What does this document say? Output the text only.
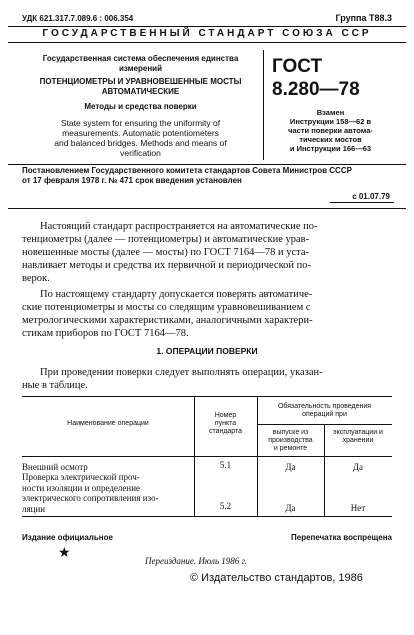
УДК 621.317.7.089.6 : 006.354	Группа Т88.3
ГОСУДАРСТВЕННЫЙ СТАНДАРТ СОЮЗА ССР
Государственная система обеспечения единства
измерений
ПОТЕНЦИОМЕТРЫ И УРАВНОВЕШЕННЫЕ МОСТЫ
АВТОМАТИЧЕСКИЕ
Методы и средства поверки
State system for ensuring the uniformity of
measurements. Automatic potentiometers
and balanced bridges. Methods and means of
verification
ГОСТ
8.280—78
Взамен
Инструкции 158—62 в
части поверки автома-
тических мостов
и Инструкции 166—63
Постановлением Государственного комитета стандартов Совета Министров СССР
от 17 февраля 1978 г. № 471 срок введения установлен
с 01.07.79
Настоящий стандарт распространяется на автоматические по-
тенциометры (далее — потенциометры) и автоматические урав-
новешенные мосты (далее — мосты) по ГОСТ 7164—78 и уста-
навливает методы и средства их первичной и периодической по-
верок.
По настоящему стандарту допускается поверять автоматиче-
ские потенциометры и мосты со следящим уравновешиванием с
метрологическими характеристиками, аналогичными характери-
стикам приборов по ГОСТ 7164—78.
1. ОПЕРАЦИИ ПОВЕРКИ
При проведении поверки следует выполнять операции, указан-
ные в таблице.
Наименование операции
Номер
пункта
стандарта
Обязательность проведения
операций при
выпуске из
производства
и ремонте
эксплуатации и
хранении
Внешний осмотр	5.1	Да	Да
Проверка электрической проч-
ности изоляции и определение
электрического сопротивления изо-
ляции	5.2	Да	Нет
Издание официальное	Перепечатка воспрещена
★	Переиздание. Июль 1986 г.
© Издательство стандартов, 1986
